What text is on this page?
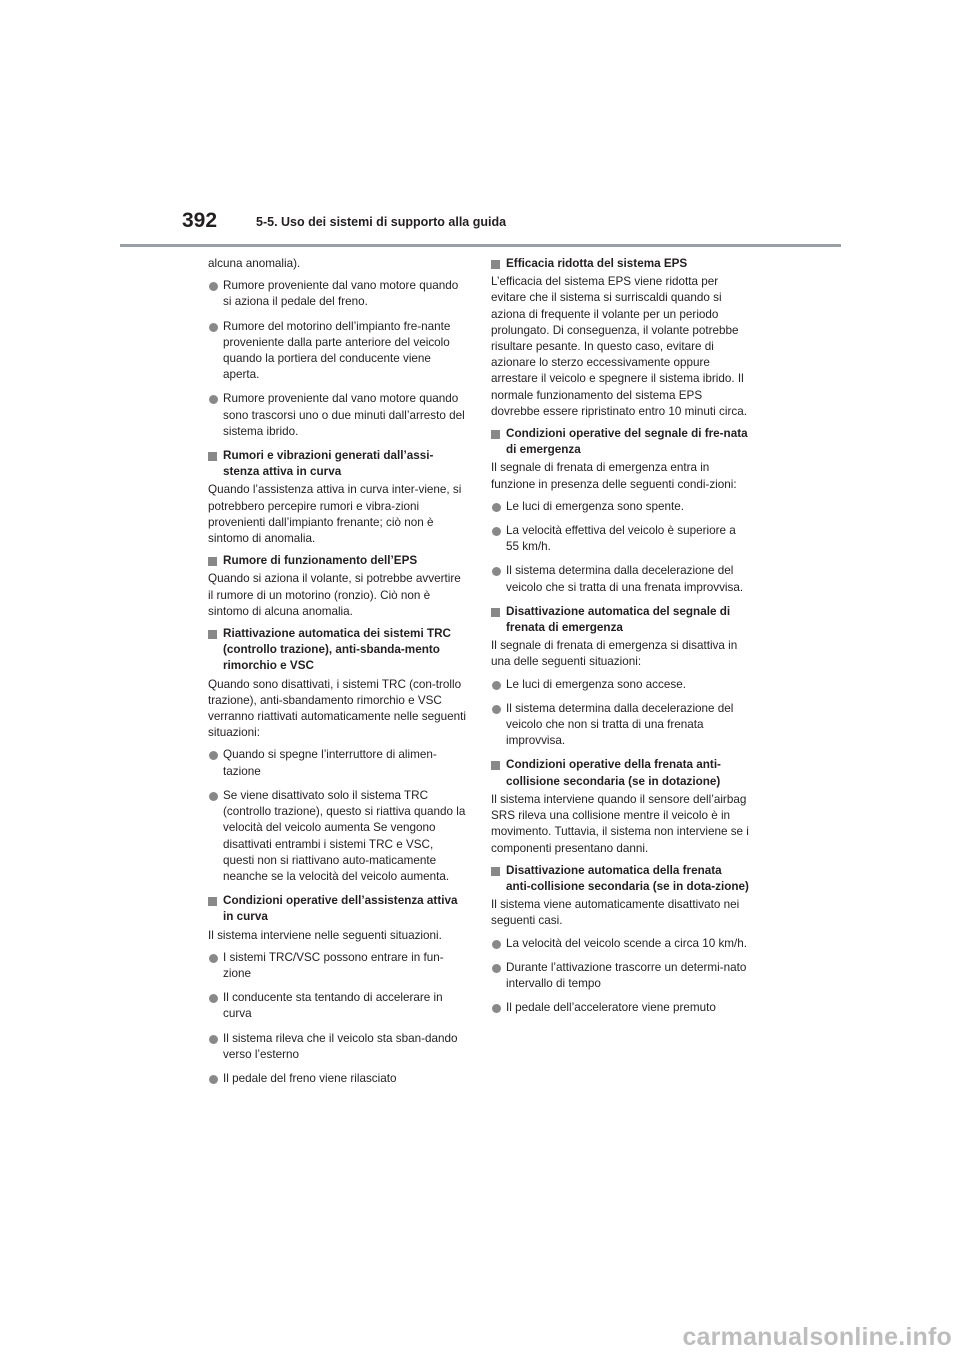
392	5-5. Uso dei sistemi di supporto alla guida

alcuna anomalia).

Rumore proveniente dal vano motore quando si aziona il pedale del freno.
Rumore del motorino dell’impianto fre-nante proveniente dalla parte anteriore del veicolo quando la portiera del conducente viene aperta.
Rumore proveniente dal vano motore quando sono trascorsi uno o due minuti dall’arresto del sistema ibrido.
Rumori e vibrazioni generati dall’assi-stenza attiva in curva

Quando l’assistenza attiva in curva inter-viene, si potrebbero percepire rumori e vibra-zioni provenienti dall’impianto frenante; ciò non è sintomo di anomalia.

Rumore di funzionamento dell’EPS

Quando si aziona il volante, si potrebbe avvertire il rumore di un motorino (ronzio). Ciò non è sintomo di alcuna anomalia.

Riattivazione automatica dei sistemi TRC (controllo trazione), anti-sbanda-mento rimorchio e VSC

Quando sono disattivati, i sistemi TRC (con-trollo trazione), anti-sbandamento rimorchio e VSC verranno riattivati automaticamente nelle seguenti situazioni:

Quando si spegne l’interruttore di alimen-tazione
Se viene disattivato solo il sistema TRC (controllo trazione), questo si riattiva quando la velocità del veicolo aumenta Se vengono disattivati entrambi i sistemi TRC e VSC, questi non si riattivano auto-maticamente neanche se la velocità del veicolo aumenta.
Condizioni operative dell’assistenza attiva in curva

Il sistema interviene nelle seguenti situazioni.

I sistemi TRC/VSC possono entrare in fun-zione
Il conducente sta tentando di accelerare in curva
Il sistema rileva che il veicolo sta sban-dando verso l’esterno
Il pedale del freno viene rilasciato
Efficacia ridotta del sistema EPS

L’efficacia del sistema EPS viene ridotta per evitare che il sistema si surriscaldi quando si aziona di frequente il volante per un periodo prolungato. Di conseguenza, il volante potrebbe risultare pesante. In questo caso, evitare di azionare lo sterzo eccessivamente oppure arrestare il veicolo e spegnere il sistema ibrido. Il normale funzionamento del sistema EPS dovrebbe essere ripristinato entro 10 minuti circa.

Condizioni operative del segnale di fre-nata di emergenza

Il segnale di frenata di emergenza entra in funzione in presenza delle seguenti condi-zioni:

Le luci di emergenza sono spente.
La velocità effettiva del veicolo è superiore a 55 km/h.
Il sistema determina dalla decelerazione del veicolo che si tratta di una frenata improvvisa.
Disattivazione automatica del segnale di frenata di emergenza

Il segnale di frenata di emergenza si disattiva in una delle seguenti situazioni:

Le luci di emergenza sono accese.
Il sistema determina dalla decelerazione del veicolo che non si tratta di una frenata improvvisa.
Condizioni operative della frenata anti-collisione secondaria (se in dotazione)

Il sistema interviene quando il sensore dell’airbag SRS rileva una collisione mentre il veicolo è in movimento. Tuttavia, il sistema non interviene se i componenti presentano danni.

Disattivazione automatica della frenata anti-collisione secondaria (se in dota-zione)

Il sistema viene automaticamente disattivato nei seguenti casi.

La velocità del veicolo scende a circa 10 km/h.
Durante l’attivazione trascorre un determi-nato intervallo di tempo
Il pedale dell’acceleratore viene premuto
carmanualsonline.info
